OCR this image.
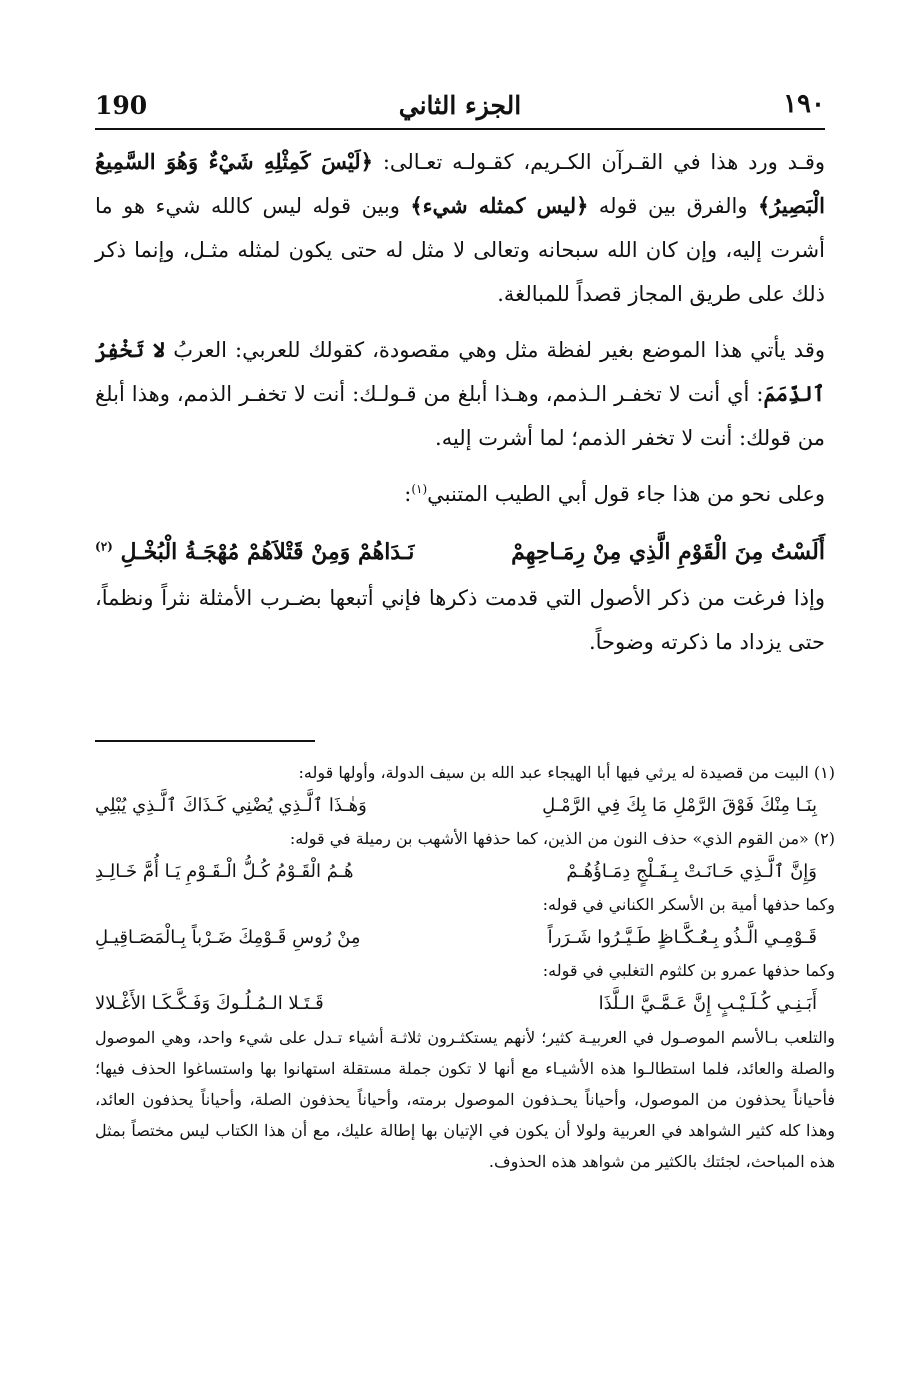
190	الجزء الثاني	١٩٠

وقـد ورد هذا في القـرآن الكـريم، كقـولـه تعـالى: ﴿لَيْسَ كَمِثْلِهِ شَيْءٌ وَهُوَ السَّمِيعُ الْبَصِيرُ﴾ والفرق بين قوله ﴿ليس كمثله شيء﴾ وبين قوله ليس كالله شيء هو ما أشرت إليه، وإن كان الله سبحانه وتعالى لا مثل له حتى يكون لمثله مثـل، وإنما ذكر ذلك على طريق المجاز قصداً للمبالغة.

وقد يأتي هذا الموضع بغير لفظة مثل وهي مقصودة، كقولك للعربي: العربُ لا تَخْفِرُ ٱلذِّمَمَ: أي أنت لا تخفـر الـذمم، وهـذا أبلغ من قـولـك: أنت لا تخفـر الذمم، وهذا أبلغ من قولك: أنت لا تخفر الذمم؛ لما أشرت إليه.

وعلى نحو من هذا جاء قول أبي الطيب المتنبي$^{(١)}$:

أَلَسْتُ مِنَ الْقَوْمِ الَّذِي مِنْ رِمَـاحِهِمْ
نَـدَاهُمْ وَمِنْ قَتْلاَهُمْ مُهْجَـةُ الْبُخْـلِ $^{(٢)}$

وإذا فرغت من ذكر الأصول التي قدمت ذكرها فإني أتبعها بضـرب الأمثلة نثراً ونظماً، حتى يزداد ما ذكرته وضوحاً.

(١) البيت من قصيدة له يرثي فيها أبا الهيجاء عبد الله بن سيف الدولة، وأولها قوله:

بِنَـا مِنْكَ فَوْقَ الرَّمْلِ مَا بِكَ فِي الرَّمْـلِ
وَهٰـذَا ٱلَّـذِي يُضْنِي كَـذَاكَ ٱلَّـذِي يُبْلِي

(٢) «من القوم الذي» حذف النون من الذين، كما حذفها الأشهب بن رميلة في قوله:

وَإِنَّ ٱلَّـذِي حَـانَـتْ بِـفَـلْجٍ دِمَـاؤُهُـمْ
هُـمُ الْقَـوْمُ كُـلُّ الْـقَـوْمِ يَـا أُمَّ خَـالِـدِ

وكما حذفها أمية بن الأسكر الكناني في قوله:

قَـوْمِـي الَّـذُو بِـعُـكَّـاظٍ طَـيَّـرُوا شَـرَراً
مِنْ رُوسِ قَـوْمِكَ ضَـرْباً بِـالْمَصَـاقِيـلِ

وكما حذفها عمرو بن كلثوم التغلبي في قوله:

أَبَـنِـي كُـلَـيْـبٍ إِنَّ عَـمَّـيَّ الـلَّذَا
قَـتَـلا الـمُـلُـوكَ وَفَـكَّـكَـا الأَغْـلالا

والتلعب بـالأسم الموصـول في العربيـة كثير؛ لأنهم يستكثـرون ثلاثـة أشياء تـدل على شيء واحد، وهي الموصول والصلة والعائد، فلما استطالـوا هذه الأشيـاء مع أنها لا تكون جملة مستقلة استهانوا بها واستساغوا الحذف فيها؛ فأحياناً يحذفون من الموصول، وأحياناً يحـذفون الموصول برمته، وأحياناً يحذفون الصلة، وأحياناً يحذفون العائد، وهذا كله كثير الشواهد في العربية ولولا أن يكون في الإتيان بها إطالة عليك، مع أن هذا الكتاب ليس مختصاً بمثل هذه المباحث، لجئتك بالكثير من شواهد هذه الحذوف.
